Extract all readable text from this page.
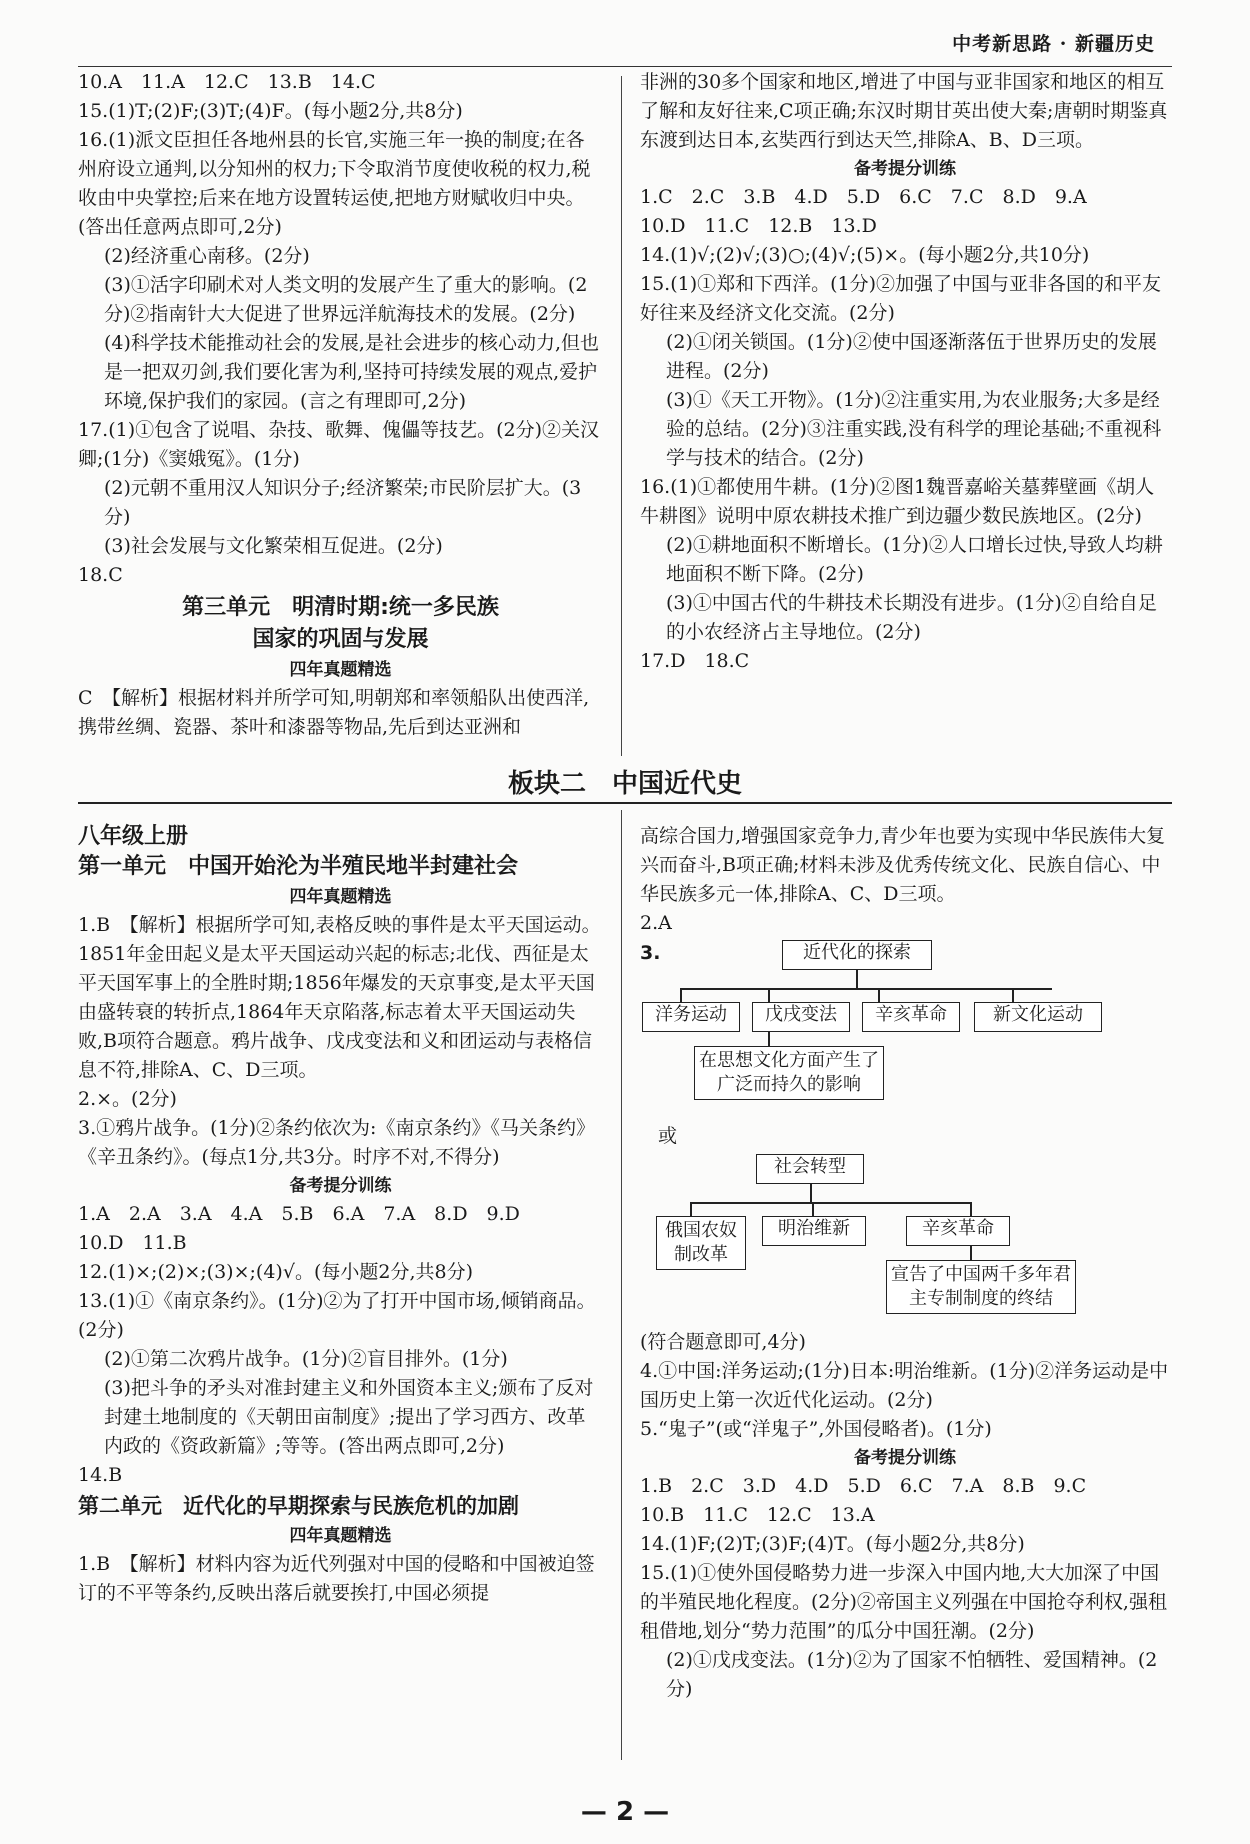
中考新思路 · 新疆历史

10.A　11.A　12.C　13.B　14.C

15.(1)T;(2)F;(3)T;(4)F。(每小题2分,共8分)

16.(1)派文臣担任各地州县的长官,实施三年一换的制度;在各州府设立通判,以分知州的权力;下令取消节度使收税的权力,税收由中央掌控;后来在地方设置转运使,把地方财赋收归中央。(答出任意两点即可,2分)

(2)经济重心南移。(2分)

(3)①活字印刷术对人类文明的发展产生了重大的影响。(2分)②指南针大大促进了世界远洋航海技术的发展。(2分)

(4)科学技术能推动社会的发展,是社会进步的核心动力,但也是一把双刃剑,我们要化害为利,坚持可持续发展的观点,爱护环境,保护我们的家园。(言之有理即可,2分)

17.(1)①包含了说唱、杂技、歌舞、傀儡等技艺。(2分)②关汉卿;(1分)《窦娥冤》。(1分)

(2)元朝不重用汉人知识分子;经济繁荣;市民阶层扩大。(3分)

(3)社会发展与文化繁荣相互促进。(2分)

18.C

第三单元　明清时期:统一多民族

国家的巩固与发展

四年真题精选

C　【解析】根据材料并所学可知,明朝郑和率领船队出使西洋,携带丝绸、瓷器、茶叶和漆器等物品,先后到达亚洲和

非洲的30多个国家和地区,增进了中国与亚非国家和地区的相互了解和友好往来,C项正确;东汉时期甘英出使大秦;唐朝时期鉴真东渡到达日本,玄奘西行到达天竺,排除A、B、D三项。

备考提分训练

1.C　2.C　3.B　4.D　5.D　6.C　7.C　8.D　9.A

10.D　11.C　12.B　13.D

14.(1)√;(2)√;(3)○;(4)√;(5)×。(每小题2分,共10分)

15.(1)①郑和下西洋。(1分)②加强了中国与亚非各国的和平友好往来及经济文化交流。(2分)

(2)①闭关锁国。(1分)②使中国逐渐落伍于世界历史的发展进程。(2分)

(3)①《天工开物》。(1分)②注重实用,为农业服务;大多是经验的总结。(2分)③注重实践,没有科学的理论基础;不重视科学与技术的结合。(2分)

16.(1)①都使用牛耕。(1分)②图1魏晋嘉峪关墓葬壁画《胡人牛耕图》说明中原农耕技术推广到边疆少数民族地区。(2分)

(2)①耕地面积不断增长。(1分)②人口增长过快,导致人均耕地面积不断下降。(2分)

(3)①中国古代的牛耕技术长期没有进步。(1分)②自给自足的小农经济占主导地位。(2分)

17.D　18.C

板块二　中国近代史

八年级上册

第一单元　中国开始沦为半殖民地半封建社会

四年真题精选

1.B　【解析】根据所学可知,表格反映的事件是太平天国运动。1851年金田起义是太平天国运动兴起的标志;北伐、西征是太平天国军事上的全胜时期;1856年爆发的天京事变,是太平天国由盛转衰的转折点,1864年天京陷落,标志着太平天国运动失败,B项符合题意。鸦片战争、戊戌变法和义和团运动与表格信息不符,排除A、C、D三项。

2.×。(2分)

3.①鸦片战争。(1分)②条约依次为:《南京条约》《马关条约》《辛丑条约》。(每点1分,共3分。时序不对,不得分)

备考提分训练

1.A　2.A　3.A　4.A　5.B　6.A　7.A　8.D　9.D

10.D　11.B

12.(1)×;(2)×;(3)×;(4)√。(每小题2分,共8分)

13.(1)①《南京条约》。(1分)②为了打开中国市场,倾销商品。(2分)

(2)①第二次鸦片战争。(1分)②盲目排外。(1分)

(3)把斗争的矛头对准封建主义和外国资本主义;颁布了反对封建土地制度的《天朝田亩制度》;提出了学习西方、改革内政的《资政新篇》;等等。(答出两点即可,2分)

14.B

第二单元　近代化的早期探索与民族危机的加剧

四年真题精选

1.B　【解析】材料内容为近代列强对中国的侵略和中国被迫签订的不平等条约,反映出落后就要挨打,中国必须提

高综合国力,增强国家竞争力,青少年也要为实现中华民族伟大复兴而奋斗,B项正确;材料未涉及优秀传统文化、民族自信心、中华民族多元一体,排除A、C、D三项。

2.A

3.	近代化的探索
洋务运动	戊戌变法	辛亥革命	新文化运动
在思想文化方面产生了广泛而持久的影响

或

社会转型
俄国农奴制改革
明治维新	辛亥革命
宣告了中国两千多年君主专制制度的终结

(符合题意即可,4分)

4.①中国:洋务运动;(1分)日本:明治维新。(1分)②洋务运动是中国历史上第一次近代化运动。(2分)

5.“鬼子”(或“洋鬼子”,外国侵略者)。(1分)

备考提分训练

1.B　2.C　3.D　4.D　5.D　6.C　7.A　8.B　9.C

10.B　11.C　12.C　13.A

14.(1)F;(2)T;(3)F;(4)T。(每小题2分,共8分)

15.(1)①使外国侵略势力进一步深入中国内地,大大加深了中国的半殖民地化程度。(2分)②帝国主义列强在中国抢夺利权,强租租借地,划分“势力范围”的瓜分中国狂潮。(2分)

(2)①戊戌变法。(1分)②为了国家不怕牺牲、爱国精神。(2分)

— 2 —
